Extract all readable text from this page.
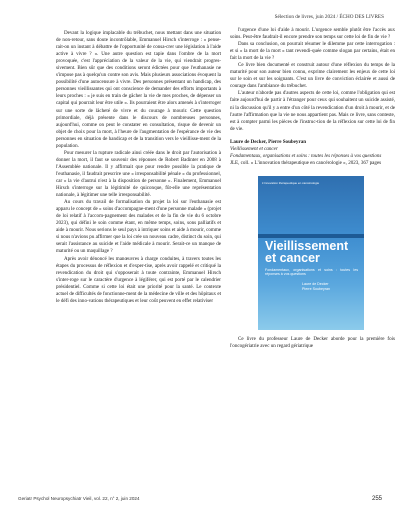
Sélection de livres, juin 2024 / ÉCHO DES LIVRES

Devant la logique implacable du trébuchet, nous mettant dans une situation de non-retour, sans doute incontrôlable, Emmanuel Hirsch s'interroge : « pense-rait-on un instant à débattre de l'opportunité de consa-crer une législation à l'aide active à vivre ? ». Une autre question est tapie dans l'ombre de la mort provoquée, c'est l'appréciation de la valeur de la vie, qui viendrait progres-sivement. Bien sûr que des conditions seront édictées pour que l'euthanasie ne s'impose pas à quelqu'un contre son avis. Mais plusieurs associations évoquent la possibilité d'une autocensure à vivre. Des personnes présentant un handicap, des personnes vieillissantes qui ont conscience de demander des efforts importants à leurs proches : « je suis en train de gâcher la vie de mes proches, de dépenser un capital qui pourrait leur être utile ». Ils pourraient être alors amenés à s'interroger sur une sorte de lâcheté de vivre et du courage à mourir. Cette question primordiale, déjà présente dans le discours de nombreuses personnes, aujourd'hui, comme on peut le constater en consultation, risque de devenir un objet de choix pour la mort, à l'heure de l'augmentation de l'espérance de vie des personnes en situation de handicap et de la transition vers le vieillisse-ment de la population.

Pour mesurer la rupture radicale ainsi créée dans le droit par l'autorisation à donner la mort, il faut se souvenir des réponses de Robert Badinter en 2008 à l'Assemblée nationale. Il y affirmait que pour rendre possible la pratique de l'euthanasie, il faudrait prescrire une « irresponsabilité pénale » du professionnel, car « la vie d'autrui n'est à la disposition de personne ». Finalement, Emmanuel Hirsch s'interroge sur la légitimité de quiconque, fût-elle une représentation nationale, à légitimer une telle irresponsabilité.

Au cours du travail de formalisation du projet la loi sur l'euthanasie est apparu le concept de « soins d'accompagne-ment d'une personne malade » (projet de loi relatif à l'accom-pagnement des malades et de la fin de vie du 6 octobre 2023), qui défini le soin comme étant, en même temps, soins, sons palliatifs et aide à mourir. Nous serions le seul pays à intriquer soins et aide à mourir, comme si nous n'avions pu affirmer que la loi crée un nouveau cadre, distinct du soin, qui serait l'assistance au suicide et l'aide médicale à mourir. Serait-ce un manque de maturité ou un maquillage ?

Après avoir dénoncé les manœuvres à charge conduites, à travers toutes les étapes du processus de réflexion et d'exper-tise, après avoir rappelé et critiqué la revendication du droit qui s'opposerait à toute contrainte, Emmanuel Hirsch s'inter-roge sur le caractère d'urgence à légiférer, qui est porté par le calendrier présidentiel. Comme si cette loi était une priorité pour la santé. Le contexte actuel de difficultés de fonctionne-ment de la médecine de ville et des hôpitaux et le défi des inno-vations thérapeutiques et leur coût peuvent en effet relativiser

l'urgence d'une loi d'aide à mourir. L'urgence semble plutôt être l'accès aux soins. Peut-être faudrait-il encore prendre son temps sur cette loi de fin de vie ?

Dans sa conclusion, on pourrait résumer le dilemme par cette interrogation : et si « la mort de la mort » tant revendi-quée comme slogan par certains, était en fait la mort de la vie ?

Ce livre bien documenté et construit autour d'une réflexion du temps de la maturité pour son auteur bien connu, exprime clairement les enjeux de cette loi sur le soin et sur les soignants. C'est un livre de conviction éclairée et aussi de courage dans l'ambiance du trébuchet.

L'auteur n'aborde pas d'autres aspects de cette loi, comme l'obligation qui est faite aujourd'hui de partir à l'étranger pour ceux qui souhaitent un suicide assisté, ni la discussion qu'il y a entre d'un côté la revendication d'un droit à mourir, et de l'autre l'affirmation que la vie ne nous appartient pas. Mais ce livre, sans conteste, est à compter parmi les pièces de l'instruc-tion de la réflexion sur cette loi de fin de vie.

Laure de Decker, Pierre Soubeyran

Vieillissement et cancer

Fondamentaux, organisations et soins : toutes les réponses à vos questions

JLE, coll. « L'innovation thérapeutique en cancérologie », 2023, 367 pages

L'innovation thérapeutique en cancérologie
Vieillissement et cancer
Fondamentaux, organisations et soins : toutes les réponses à vos questions
Laure de Decker
Pierre Soubeyran

Ce livre du professeur Laure de Decker aborde pour la première fois l'oncogériatrie avec un regard gériatrique

Geriatr Psychol Neuropsychiatr Vieil, vol. 22, n° 2, juin 2024	255
